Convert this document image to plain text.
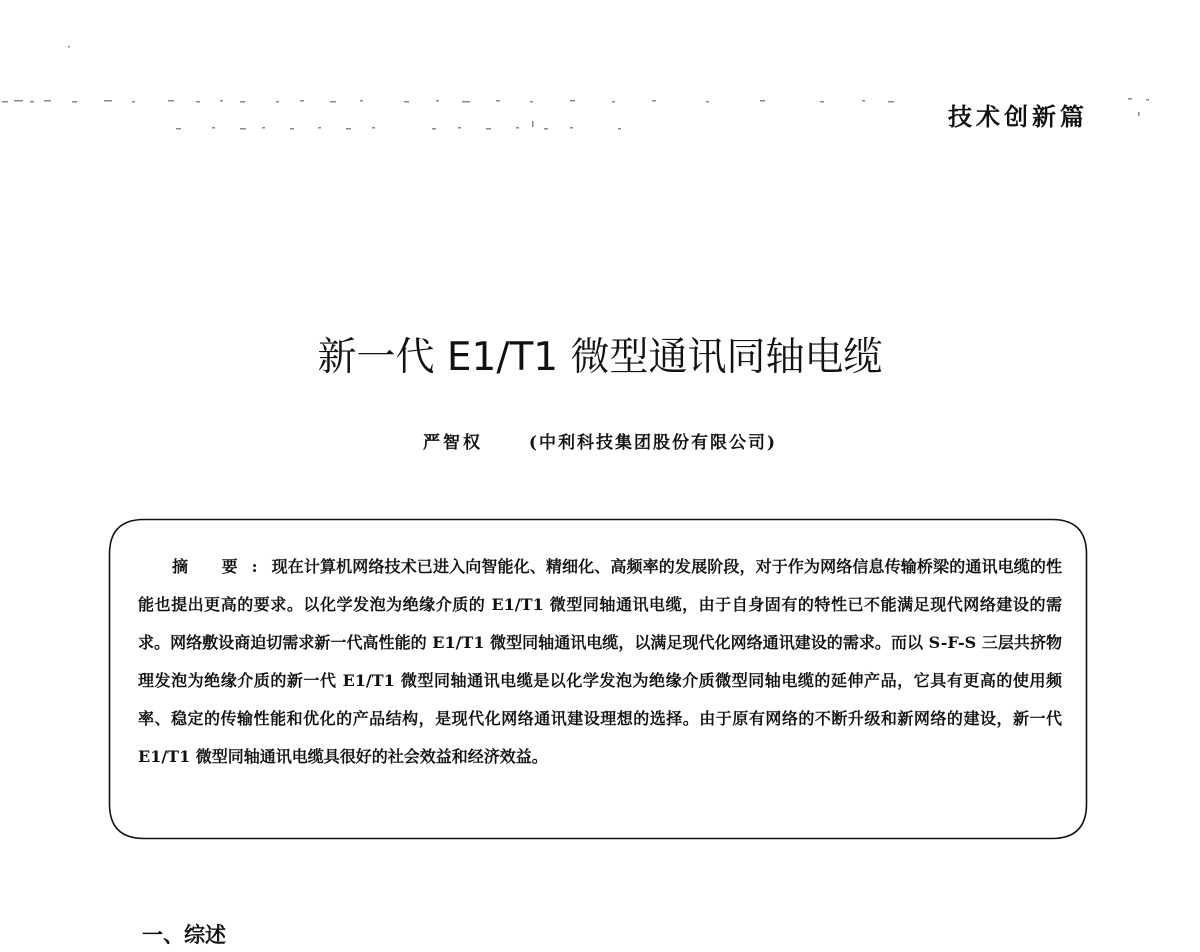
技术创新篇
新一代 E1/T1 微型通讯同轴电缆
严智权	(中利科技集团股份有限公司)
摘 要:现在计算机网络技术已进入向智能化、精细化、高频率的发展阶段，对于作为网络信息传输桥梁的通讯电缆的性能也提出更高的要求。以化学发泡为绝缘介质的 E1/T1 微型同轴通讯电缆，由于自身固有的特性已不能满足现代网络建设的需求。网络敷设商迫切需求新一代高性能的 E1/T1 微型同轴通讯电缆，以满足现代化网络通讯建设的需求。而以 S-F-S 三层共挤物理发泡为绝缘介质的新一代 E1/T1 微型同轴通讯电缆是以化学发泡为绝缘介质微型同轴电缆的延伸产品，它具有更高的使用频率、稳定的传输性能和优化的产品结构，是现代化网络通讯建设理想的选择。由于原有网络的不断升级和新网络的建设，新一代 E1/T1 微型同轴通讯电缆具很好的社会效益和经济效益。
一、综述
